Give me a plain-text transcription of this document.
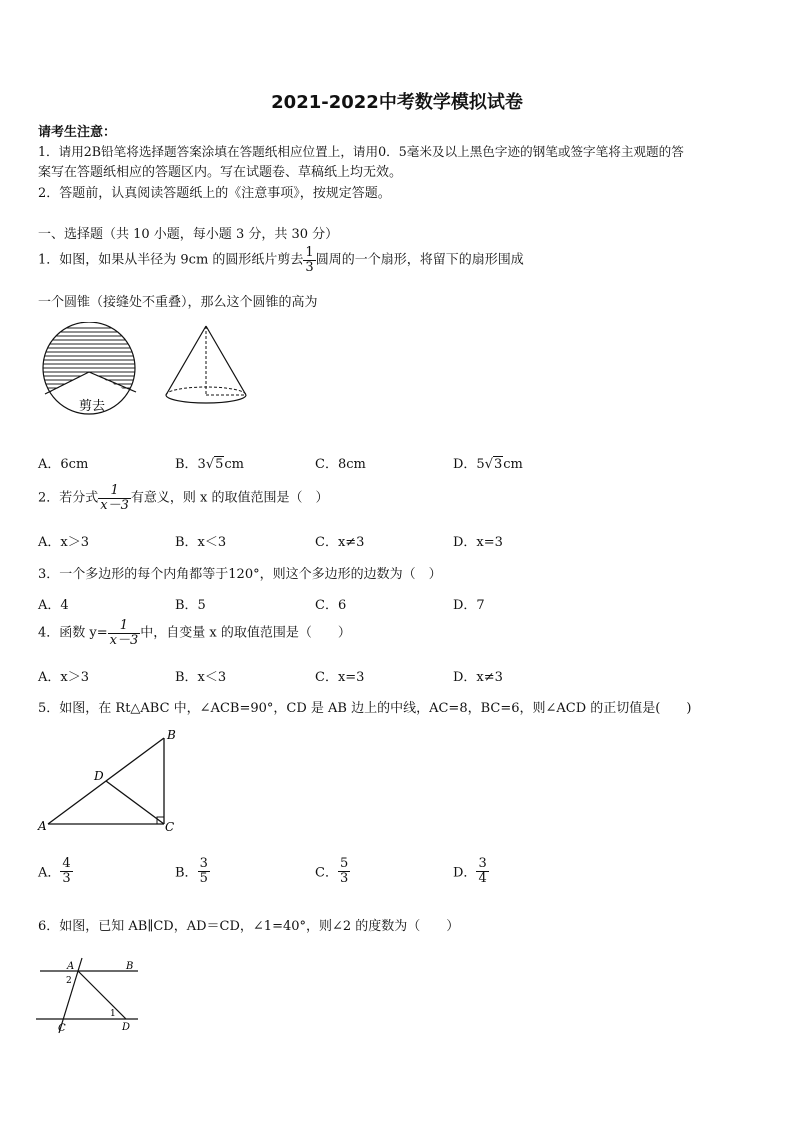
2021-2022中考数学模拟试卷
请考生注意：
1．请用2B铅笔将选择题答案涂填在答题纸相应位置上，请用0．5毫米及以上黑色字迹的钢笔或签字笔将主观题的答
案写在答题纸相应的答题区内。写在试题卷、草稿纸上均无效。
2．答题前，认真阅读答题纸上的《注意事项》，按规定答题。
一、选择题（共 10 小题，每小题 3 分，共 30 分）
1．如图，如果从半径为 9cm 的圆形纸片剪去 $\frac{1}{3}$ 圆周的一个扇形，将留下的扇形围成
一个圆锥（接缝处不重叠），那么这个圆锥的高为
剪去
A．6cm	B．3√5cm	C．8cm	D．5√3cm
2．若分式 $\frac{1}{x-3}$ 有意义，则 x 的取值范围是（　）
A．x＞3	B．x＜3	C．x≠3	D．x=3
3．一个多边形的每个内角都等于120°，则这个多边形的边数为（　）
A．4	B．5	C．6	D．7
4．函数 $y= \frac{1}{x-3}$ 中，自变量 x 的取值范围是（　　）
A．x＞3	B．x＜3	C．x=3	D．x≠3
5．如图，在 Rt△ABC 中，∠ACB=90°，CD 是 AB 边上的中线，AC=8，BC=6，则∠ACD 的正切值是(　　)
A
B
C
D
A． $\frac{4}{3}$	B． $\frac{3}{5}$	C． $\frac{5}{3}$	D． $\frac{3}{4}$
6．如图，已知 AB∥CD，AD＝CD，∠1=40°，则∠2 的度数为（　　）
A	B
C	D
2
1
